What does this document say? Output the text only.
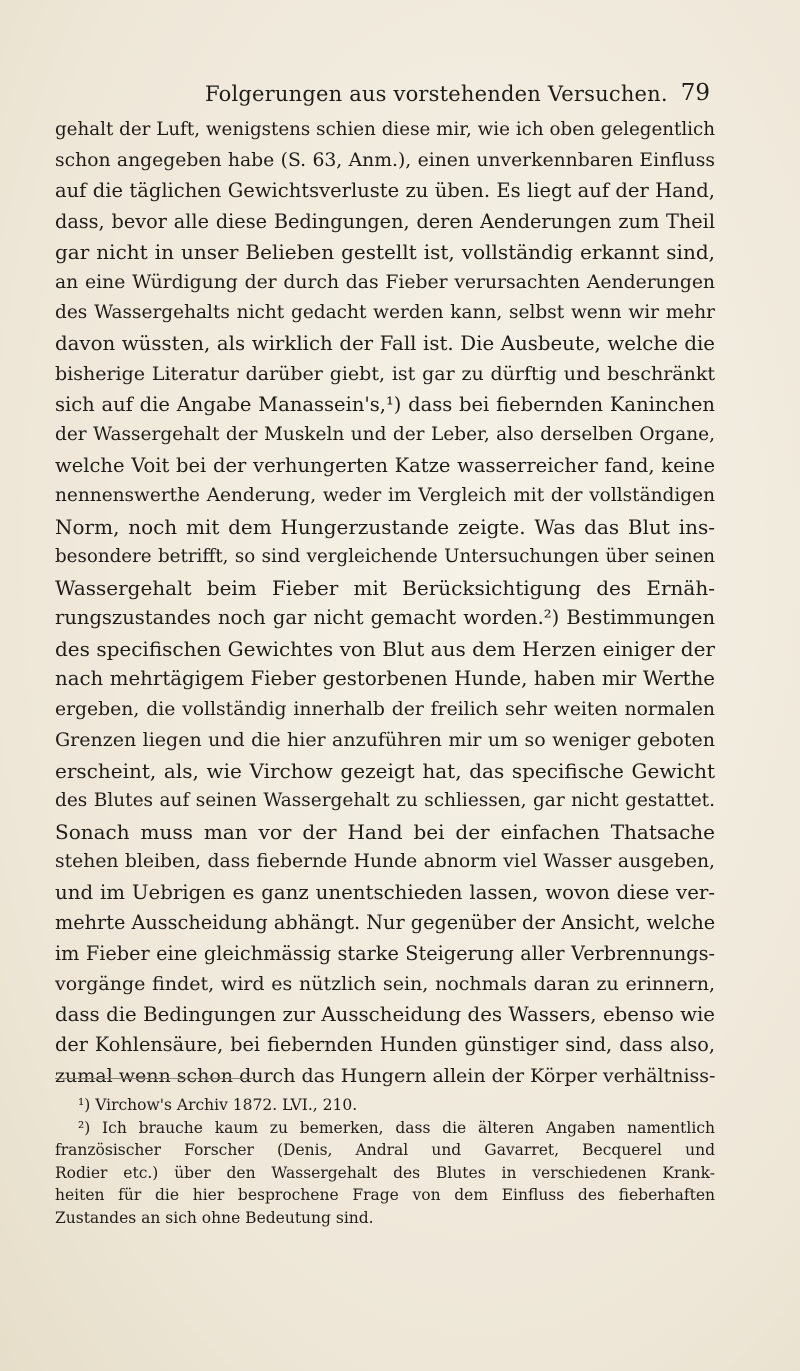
Folgerungen aus vorstehenden Versuchen. 79
gehalt der Luft, wenigstens schien diese mir, wie ich oben gelegentlich
schon angegeben habe (S. 63, Anm.), einen unverkennbaren Einfluss
auf die täglichen Gewichtsverluste zu üben. Es liegt auf der Hand,
dass, bevor alle diese Bedingungen, deren Aenderungen zum Theil
gar nicht in unser Belieben gestellt ist, vollständig erkannt sind,
an eine Würdigung der durch das Fieber verursachten Aenderungen
des Wassergehalts nicht gedacht werden kann, selbst wenn wir mehr
davon wüssten, als wirklich der Fall ist. Die Ausbeute, welche die
bisherige Literatur darüber giebt, ist gar zu dürftig und beschränkt
sich auf die Angabe Manassein's,¹) dass bei fiebernden Kaninchen
der Wassergehalt der Muskeln und der Leber, also derselben Organe,
welche Voit bei der verhungerten Katze wasserreicher fand, keine
nennenswerthe Aenderung, weder im Vergleich mit der vollständigen
Norm, noch mit dem Hungerzustande zeigte. Was das Blut ins-
besondere betrifft, so sind vergleichende Untersuchungen über seinen
Wassergehalt beim Fieber mit Berücksichtigung des Ernäh-
rungszustandes noch gar nicht gemacht worden.²) Bestimmungen
des specifischen Gewichtes von Blut aus dem Herzen einiger der
nach mehrtägigem Fieber gestorbenen Hunde, haben mir Werthe
ergeben, die vollständig innerhalb der freilich sehr weiten normalen
Grenzen liegen und die hier anzuführen mir um so weniger geboten
erscheint, als, wie Virchow gezeigt hat, das specifische Gewicht
des Blutes auf seinen Wassergehalt zu schliessen, gar nicht gestattet.
Sonach muss man vor der Hand bei der einfachen Thatsache
stehen bleiben, dass fiebernde Hunde abnorm viel Wasser ausgeben,
und im Uebrigen es ganz unentschieden lassen, wovon diese ver-
mehrte Ausscheidung abhängt. Nur gegenüber der Ansicht, welche
im Fieber eine gleichmässig starke Steigerung aller Verbrennungs-
vorgänge findet, wird es nützlich sein, nochmals daran zu erinnern,
dass die Bedingungen zur Ausscheidung des Wassers, ebenso wie
der Kohlensäure, bei fiebernden Hunden günstiger sind, dass also,
zumal wenn schon durch das Hungern allein der Körper verhältniss-
¹) Virchow's Archiv 1872. LVI., 210.
²) Ich brauche kaum zu bemerken, dass die älteren Angaben namentlich
französischer Forscher (Denis, Andral und Gavarret, Becquerel und
Rodier etc.) über den Wassergehalt des Blutes in verschiedenen Krank-
heiten für die hier besprochene Frage von dem Einfluss des fieberhaften
Zustandes an sich ohne Bedeutung sind.
